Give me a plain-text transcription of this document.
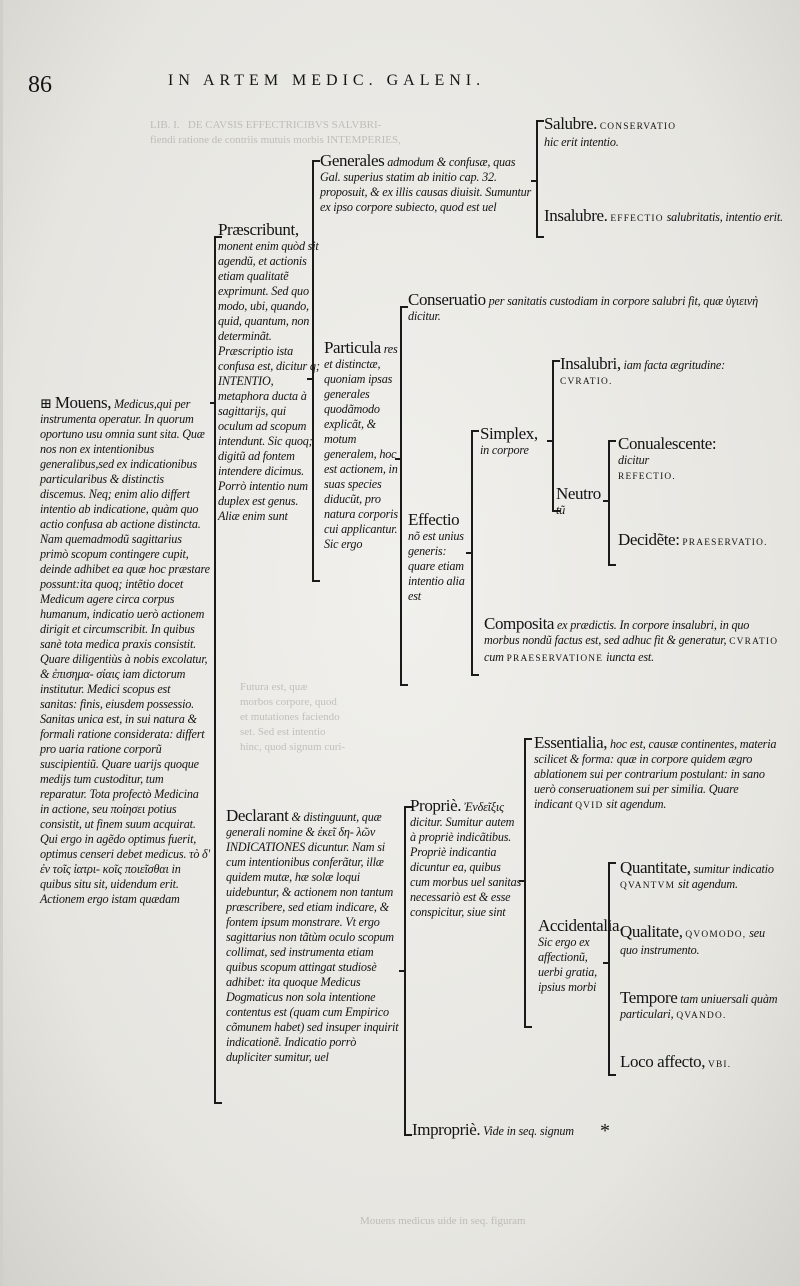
LIB. I.   DE CAVSIS EFFECTRICIBVS SALVBRI-
fiendi ratione de contriis mutuis morbis INTEMPERIES,
Futura est, quæ
morbos corpore, quod
et mutationes faciendo
set. Sed est intentio
hinc, quod signum curi-
Mouens medicus uide in seq. figuram
86	IN ARTEM MEDIC. GALENI.
⊞ Mouens, Medicus,qui per instrumenta operatur. In quorum oportuno usu omnia sunt sita. Quæ nos non ex intentionibus generalibus,sed ex indicationibus particularibus & distinctis discemus. Neq; enim alio differt intentio ab indicatione, quàm quo actio confusa ab actione distincta. Nam quemadmodũ sagittarius primò scopum contingere cupit, deinde adhibet ea quæ hoc præstare possunt:ita quoq; intẽtio docet Medicum agere circa corpus humanum, indicatio uerò actionem dirigit et circumscribit. In quibus sanè tota medica praxis consistit. Quare diligentiùs à nobis excolatur, & ἐπισημα- σίαις iam dictorum institutur. Medici scopus est sanitas: finis, eiusdem possessio. Sanitas unica est, in sui natura & formali ratione considerata: differt pro uaria ratione corporũ suscipientiũ. Quare uarijs quoque medijs tum custoditur, tum reparatur. Tota profectò Medicina in actione, seu ποίησει potius consistit, ut finem suum acquirat. Qui ergo in agẽdo optimus fuerit, optimus censeri debet medicus. τὸ δ' ἐν τοῖς ἰατρι- κοῖς ποιεῖσθαι in quibus situ sit, uidendum erit. Actionem ergo istam quædam
Præscribunt, monent enim quòd sit agendũ, et actionis etiam qualitatẽ exprimunt. Sed quo modo, ubi, quando, quid, quantum, non determinãt. Præscriptio ista confusa est, dicitur q; INTENTIO, metaphora ducta à sagittarijs, qui oculum ad scopum intendunt. Sic quoq; digitũ ad fontem intendere dicimus. Porrò intentio num duplex est genus. Aliæ enim sunt
Generales admodum & confusæ, quas Gal. superius statim ab initio cap. 32. proposuit, & ex illis causas diuisit. Sumuntur ex ipso corpore subiecto, quod est uel
Salubre. CONSERVATIO
hic erit intentio.
Insalubre. EFFECTIO salubritatis, intentio erit.
Particula res et distinctæ, quoniam ipsas generales quodãmodo explicãt, & motum generalem, hoc est actionem, in suas species diducũt, pro natura corporis cui applicantur. Sic ergo
Conseruatio per sanitatis custodiam in corpore salubri fit, quæ ὑγιεινὴ dicitur.
Effectio nõ est unius generis: quare etiam intentio alia est
Simplex,
in corpore
Insalubri, iam facta ægritudine: CVRATIO.
Neutro tũ
Conualescente:
dicitur
REFECTIO.
Decidẽte: PRAESERVATIO.
Composita ex prædictis. In corpore insalubri, in quo morbus nondũ factus est, sed adhuc fit & generatur, CVRATIO cum PRAESERVATIONE iuncta est.
Declarant & distinguunt, quæ generali nomine & ἐκεῖ δη- λῶν INDICATIONES dicuntur. Nam si cum intentionibus conferãtur, illæ quidem mutæ, hæ solæ loqui uidebuntur, & actionem non tantum præscribere, sed etiam indicare, & fontem ipsum monstrare. Vt ergo sagittarius non tãtùm oculo scopum collimat, sed instrumenta etiam quibus scopum attingat studiosè adhibet: ita quoque Medicus Dogmaticus non sola intentione contentus est (quam cum Empirico cõmunem habet) sed insuper inquirit indicationẽ. Indicatio porrò dupliciter sumitur, uel
Propriè. Ἐνδεῖξις dicitur. Sumitur autem à propriè indicãtibus. Propriè indicantia dicuntur ea, quibus cum morbus uel sanitas necessariò est & esse conspicitur, siue sint
Essentialia, hoc est, causæ continentes, materia scilicet & forma: quæ in corpore quidem ægro ablationem sui per contrarium postulant: in sano uerò conseruationem sui per similia. Quare indicant QVID sit agendum.
Accidentalia. Sic ergo ex affectionũ, uerbi gratia, ipsius morbi
Quantitate, sumitur indicatio QVANTVM sit agendum.
Qualitate, QVOMODO, seu quo instrumento.
Tempore tam uniuersali quàm particulari, QVANDO.
Loco affecto, VBI.
Impropriè. Vide in seq. signum	*
